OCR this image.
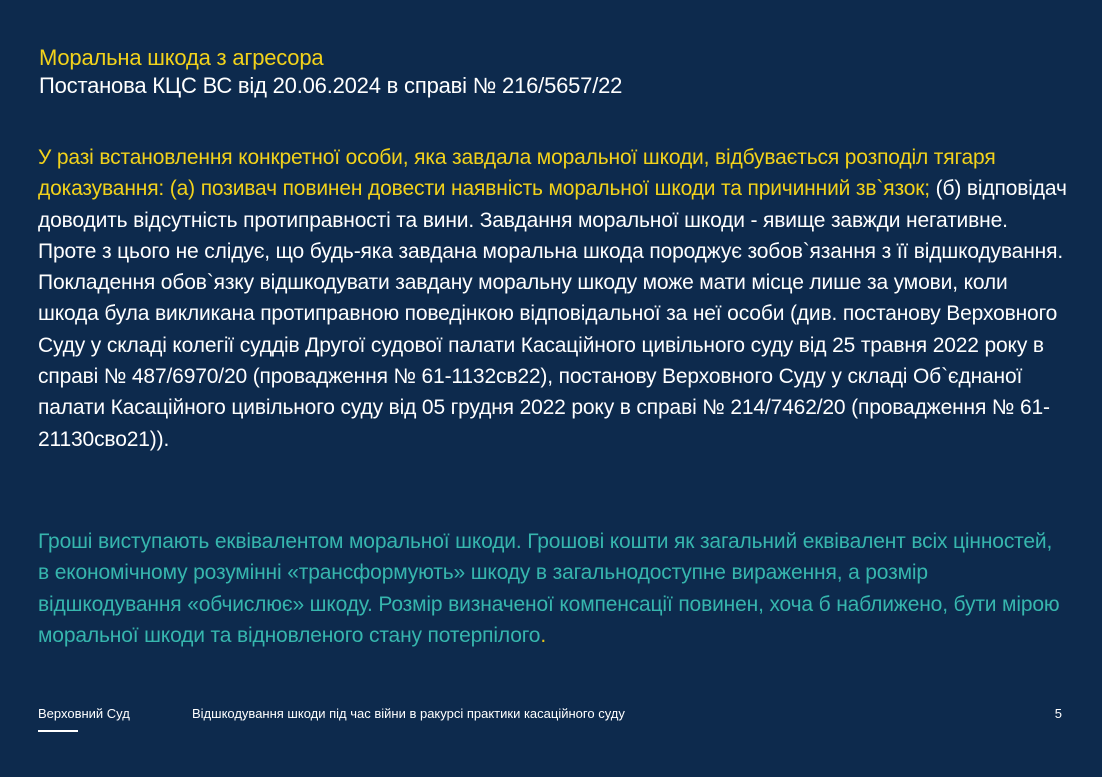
Моральна шкода з агресора
Постанова КЦС ВС від 20.06.2024 в справі № 216/5657/22

У разі встановлення конкретної особи, яка завдала моральної шкоди, відбувається розподіл тягаря доказування: (а) позивач повинен довести наявність моральної шкоди та причинний зв`язок; (б) відповідач доводить відсутність протиправності та вини. Завдання моральної шкоди - явище завжди негативне. Проте з цього не слідує, що будь-яка завдана моральна шкода породжує зобов`язання з її відшкодування. Покладення обов`язку відшкодувати завдану моральну шкоду може мати місце лише за умови, коли шкода була викликана протиправною поведінкою відповідальної за неї особи (див. постанову Верховного Суду у складі колегії суддів Другої судової палати Касаційного цивільного суду від 25 травня 2022 року в справі № 487/6970/20 (провадження № 61-1132св22), постанову Верховного Суду у складі Об`єднаної палати Касаційного цивільного суду від 05 грудня 2022 року в справі № 214/7462/20 (провадження № 61-21130сво21)).

Гроші виступають еквівалентом моральної шкоди. Грошові кошти як загальний еквівалент всіх цінностей, в економічному розумінні «трансформують» шкоду в загальнодоступне вираження, а розмір відшкодування «обчислює» шкоду. Розмір визначеної компенсації повинен, хоча б наближено, бути мірою моральної шкоди та відновленого стану потерпілого.

Верховний Суд	Відшкодування шкоди під час війни в ракурсі практики касаційного суду	5
